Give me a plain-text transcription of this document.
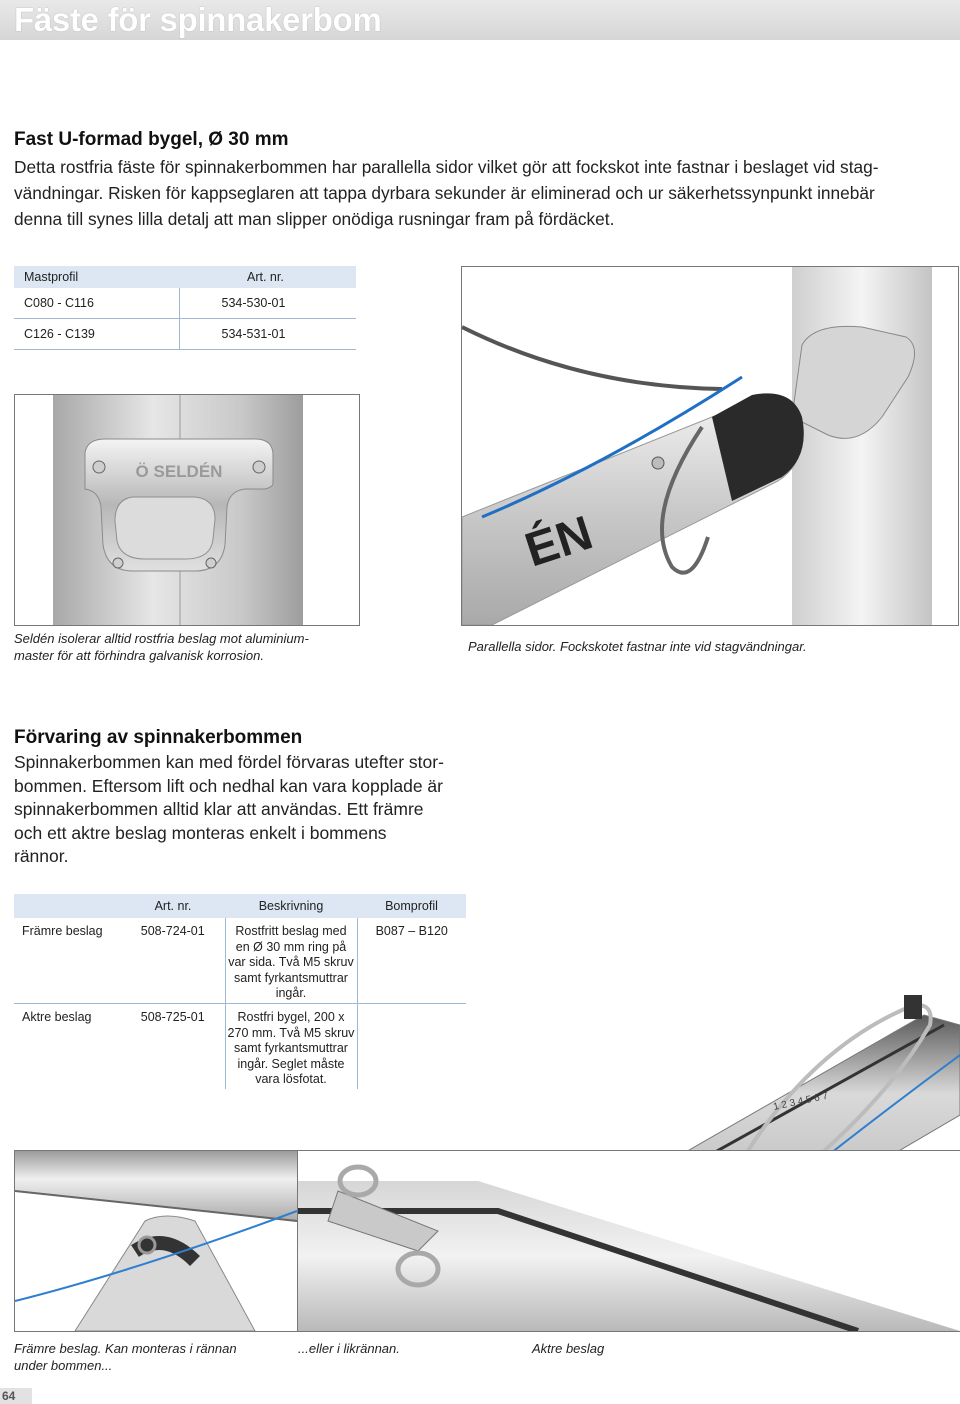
Fäste för spinnakerbom
Fast U-formad bygel, Ø 30 mm
Detta rostfria fäste för spinnakerbommen har parallella sidor vilket gör att fockskot inte fastnar i beslaget vid stag-
vändningar. Risken för kappseglaren att tappa dyrbara sekunder är eliminerad och ur säkerhetssynpunkt innebär
denna till synes lilla detalj att man slipper onödiga rusningar fram på fördäcket.
Mastprofil	Art. nr.
C080 - C116	534-530-01
C126 - C139	534-531-01
Ö SELDÉN
ÉN
Seldén isolerar alltid rostfria beslag mot aluminium-
master för att förhindra galvanisk korrosion.
Parallella sidor. Fockskotet fastnar inte vid stagvändningar.
Förvaring av spinnakerbommen
Spinnakerbommen kan med fördel förvaras utefter stor-
bommen. Eftersom lift och nedhal kan vara kopplade är
spinnakerbommen alltid klar att användas. Ett främre
och ett aktre beslag monteras enkelt i bommens
rännor.
	Art. nr.	Beskrivning	Bomprofil
Främre beslag	508-724-01	Rostfritt beslag med
en Ø 30 mm ring på
var sida. Två M5 skruv
samt fyrkantsmuttrar
ingår.	B087 – B120
Aktre beslag	508-725-01	Rostfri bygel, 200 x
270 mm. Två M5 skruv
samt fyrkantsmuttrar
ingår. Seglet måste
vara lösfotat.	

1 2 3 4 5 6 7
Främre beslag. Kan monteras i rännan
under bommen...
...eller i likrännan.	Aktre beslag
64
